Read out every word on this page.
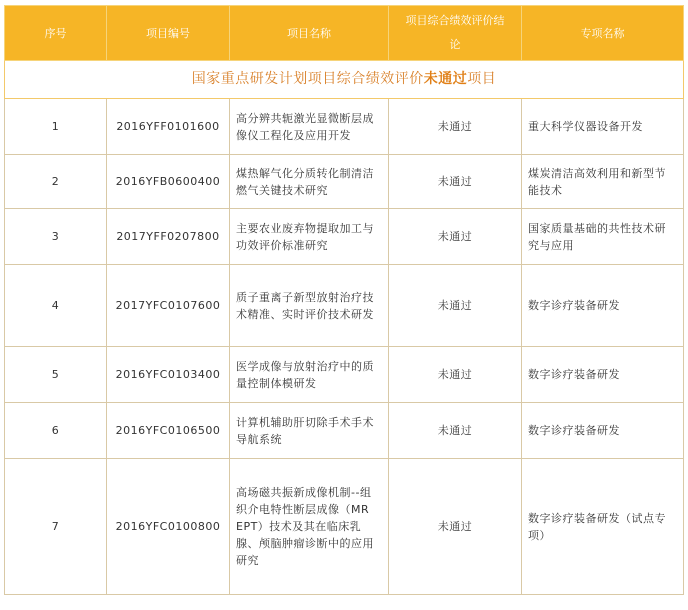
国家重点研发计划项目综合绩效评价未通过项目				
序号	项目编号	项目名称	项目综合绩效评价结论	专项名称
1	2016YFF0101600	高分辨共轭激光显微断层成像仪工程化及应用开发	未通过	重大科学仪器设备开发
2	2016YFB0600400	煤热解气化分质转化制清洁燃气关键技术研究	未通过	煤炭清洁高效利用和新型节能技术
3	2017YFF0207800	主要农业废弃物提取加工与功效评价标准研究	未通过	国家质量基础的共性技术研究与应用
4	2017YFC0107600	质子重离子新型放射治疗技术精准、实时评价技术研发	未通过	数字诊疗装备研发
5	2016YFC0103400	医学成像与放射治疗中的质量控制体模研发	未通过	数字诊疗装备研发
6	2016YFC0106500	计算机辅助肝切除手术手术导航系统	未通过	数字诊疗装备研发
7	2016YFC0100800	高场磁共振新成像机制--组织介电特性断层成像（MR EPT）技术及其在临床乳腺、颅脑肿瘤诊断中的应用研究	未通过	数字诊疗装备研发（试点专项）
